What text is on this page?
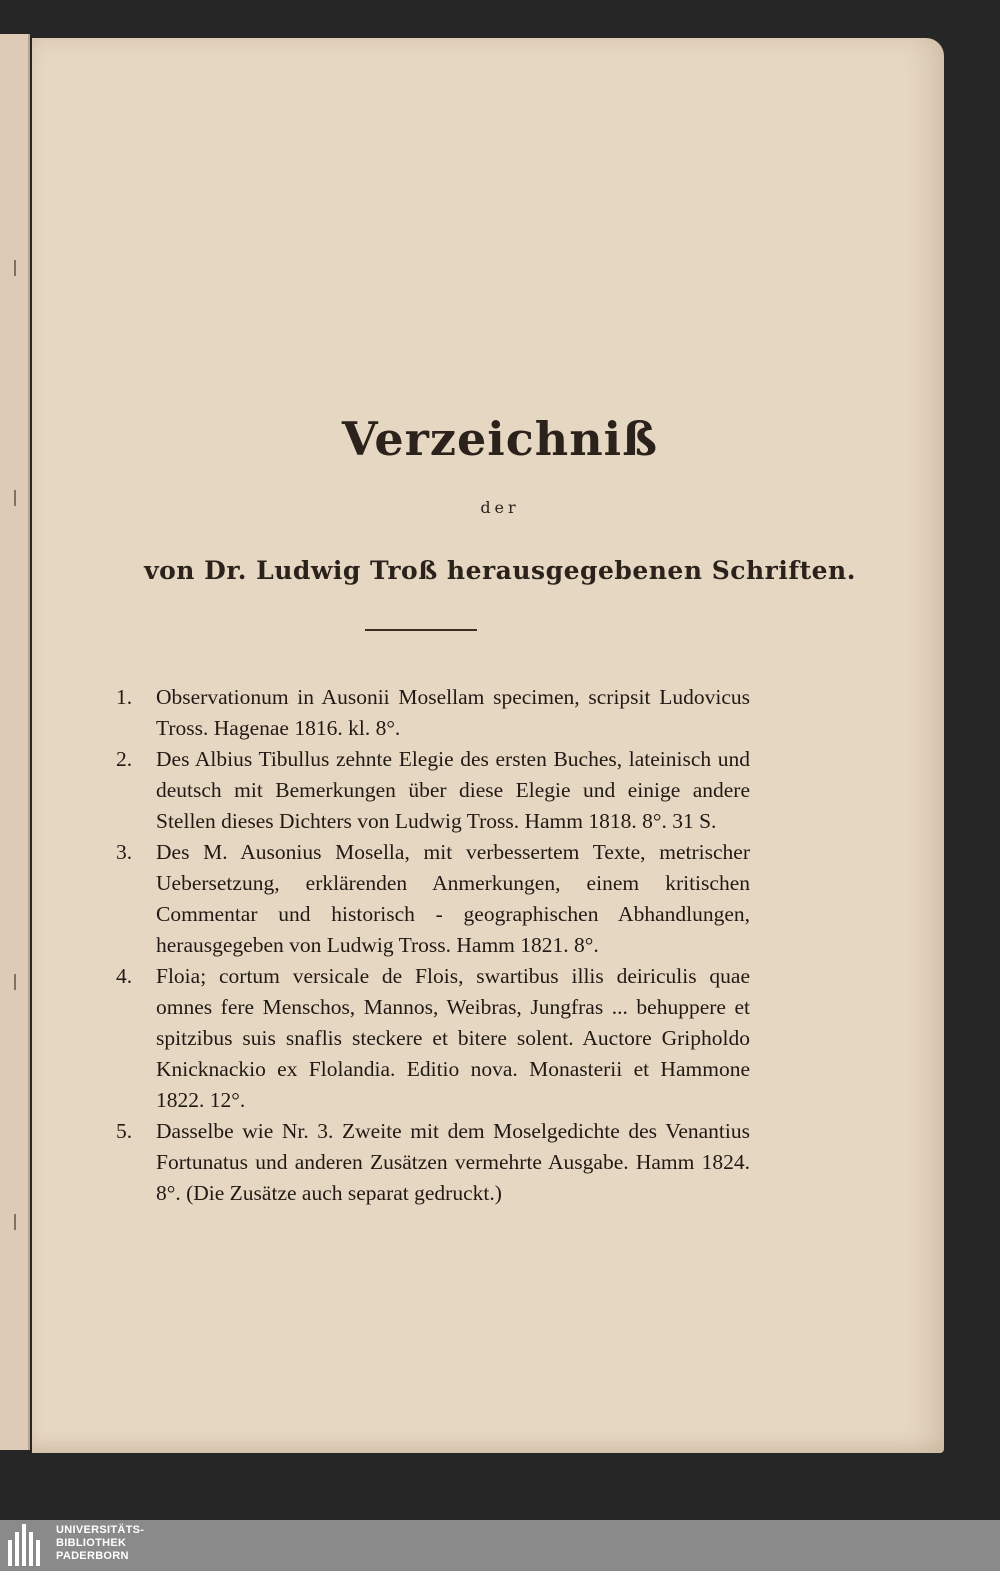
Verzeichniß
der
von Dr. Ludwig Troß herausgegebenen Schriften.
1.	Observationum in Ausonii Mosellam specimen, scripsit Ludovicus Tross. Hagenae 1816. kl. 8°.
2.	Des Albius Tibullus zehnte Elegie des ersten Buches, lateinisch und deutsch mit Bemerkungen über diese Elegie und einige andere Stellen dieses Dichters von Ludwig Tross. Hamm 1818. 8°. 31 S.
3.	Des M. Ausonius Mosella, mit verbessertem Texte, metrischer Uebersetzung, erklärenden Anmerkungen, einem kritischen Commentar und historisch - geographischen Abhandlungen, herausgegeben von Ludwig Tross. Hamm 1821. 8°.
4.	Floia; cortum versicale de Flois, swartibus illis deiriculis quae omnes fere Menschos, Mannos, Weibras, Jungfras ... behuppere et spitzibus suis snaflis steckere et bitere solent. Auctore Gripholdo Knicknackio ex Flolandia. Editio nova. Monasterii et Hammone 1822. 12°.
5.	Dasselbe wie Nr. 3. Zweite mit dem Moselgedichte des Venantius Fortunatus und anderen Zusätzen vermehrte Ausgabe. Hamm 1824. 8°. (Die Zusätze auch separat gedruckt.)
UNIVERSITÄTS-
BIBLIOTHEK
PADERBORN
